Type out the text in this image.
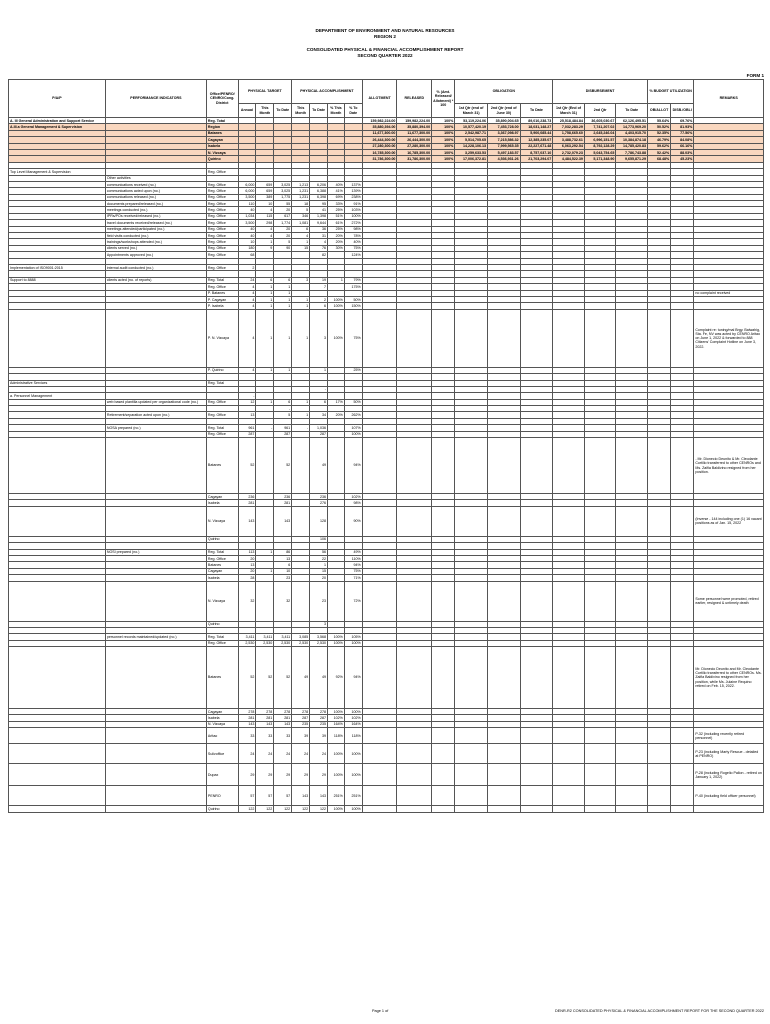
DEPARTMENT OF ENVIRONMENT AND NATURAL RESOURCES
REGION 2
CONSOLIDATED PHYSICAL & FINANCIAL ACCOMPLISHMENT REPORT
SECOND QUARTER 2022
FORM 1
P/A/P	PERFORMANCE INDICATORS	Office/PENRO/ CENRO/Cong. District	PHYSICAL TARGET			PHYSICAL ACCOMPLISHMENT				ALLOTMENT	RELEASED	% (Amt. Released/ Allotment) * 100	OBLIGATION			DISBURSEMENT			% BUDGET UTILIZATION		REMARKS

			Annual	This Month	To Date	This Month	To Date	% This Month	% To Date				1st Qtr (end of March 31)	2nd Qtr (end of June 30)	To Date	1st Qtr (End of March 31)	2nd Qtr	To Date	OB/ALLOT	DISB./OBLI	
A. III General Administration and Support Service		Reg. Total								159,982,224.00	159,982,224.00	100%	53,119,224.06	35,890,004.65	89,010,238.73	25,518,484.84	36,605,030.67	62,126,495.51	55.64%	69.76%	
A.III.a General Management & Supervision		Region								35,880,394.00	35,880,394.00	100%	10,577,420.19	7,453,728.00	18,031,148.27	7,032,283.29	7,741,207.02	14,773,969.20	50.52%	81.93%	
		Batanes								11,677,300.00	11,677,300.00	100%	2,542,987.71	3,367,098.97	5,900,085.44	1,758,665.60	2,645,246.04	4,403,915.70	52.35%	77.56%	
		Cagayan								26,444,300.00	26,444,300.00	100%	5,514,705.65	7,215,586.32	12,385,235.07	3,488,732.61	6,996,151.57	10,384,874.18	46.79%	84.08%	
		Isabela								27,280,300.00	27,280,300.00	100%	14,228,106.13	7,999,565.35	22,227,671.48	6,063,292.54	8,792,128.29	14,785,420.83	59.62%	66.16%	
		N. Vizcaya								16,785,300.00	16,785,300.00	100%	3,259,633.53	5,497,183.57	8,757,037.10	2,732,079.23	5,043,754.65	7,786,743.88	52.42%	88.03%	
		Quirino								31,786,300.00	31,786,300.00	100%	17,006,372.81	4,536,931.26	21,703,294.07	4,484,522.39	5,171,348.90	9,655,871.29	68.48%	45.23%	

Top Level Management & Supervision		Reg. Office																			
	Other activities																				
	communications received (no.)	Reg. Office	6,000	659	3,025	1,213	6,206	40%	137%												
	communications acted upon (no.)	Reg. Office	6,000	659	3,025	1,231	6,388	41%	139%												
	communications released (no.)	Reg. Office	3,500	389	1,775	1,231	6,398	69%	238%												
	documents prepared/released (no.)	Reg. Office	110	10	55	18	95	33%	91%												
	meetings conducted (no.)	Reg. Office	40	4	20	5	41	25%	103%												
	IPRs/POs received/released (no.)	Reg. Office	1,034	115	617	346	1,398	51%	100%												
	travel documents received/released (no.)	Reg. Office	3,500	298	1,774	1,081	9,644	61%	272%												
	meetings attended/participated (no.)	Reg. Office	40	4	20	6	36	25%	98%												
	field visits conducted (no.)	Reg. Office	40	4	20	4	31	20%	78%												
	trainings/workshops attended (no.)	Reg. Office	10	1	5	1	4	20%	40%												
	clients served (no.)	Reg. Office	180	9	90	15	76	30%	75%												
	Appointments approved (no.)	Reg. Office	68				82		124%												

Implementation of ISO9001:2015	internal audit conducted (no.)	Reg. Office	2																		

Support to 8888	clients acted (no. of reports)	Reg. Total	24	6	6	3	19	1	79%												
		Reg. Office	4	1	1		7		175%												
		P. Batanes	4	1	1																no complaint received
		P. Cagayan	4	1	1	1	2	100%	50%												
		P. Isabela	4	1	1	1	6	100%	150%												
		P. N. Vizcaya	4	1	1	1	3	100%	75%												Complaint re: tuning/mal Brgy. Balwahig, Sta. Fe, NV was acted by CENRO Aritao on June 1, 2022 & forwarded to 888 Citizens' Complaint Hotline on June 3, 2022.
		P. Quirino	4	1	1		1		25%												

Administrative Services		Reg. Total																			
							-														
a. Personnel Management			-																		
	web based plantilla updated per organizational code (no.)	Reg. Office	12	1	6	1	6	17%	50%												
					-																
	Retirement/separation acted upon (no.)	Reg. Office	13		5	1	34	20%	262%												

	NOSA prepared (no.)	Reg. Total	961	-	961	-	1,036		107%												
		Reg. Office	287		287		287		100%												
		Batanes	52		52		49		94%												- Mr. Dionecio Deunito & Mr. Cleodante Cortillo transferred to other CENROs and Ms. Zaifia Baldivino resigned from her position.
		Cagayan	236		236		236		102%												
		Isabela	281		281		276		98%												
		N. Vizcaya	143		143		128		90%												(Inverse - 144 including one (1) 16 vacant positions as of Jan. 15, 2022
		Quirino					106														

	NOSI prepared (no.)	Reg. Total	113	1	86		56		49%												
		Reg. Office	20		13		22		110%												
		Batanes	13		6		1		94%												
		Cagayan	20	1	10		15		75%												
		Isabela	28		23		20		71%												
		N. Vizcaya	32		32		23		72%												Some personnel were promoted, retired earlier, resigned & untimely death
		Quirino					3														

	personnel records maintained/updated (no.)	Reg. Total	3,411	3,411	3,411	3,085	3,568	100%	105%												
		Reg. Office	2,530	2,530	2,530	2,530	2,530	100%	100%												
		Batanes	52	52	52	49	49	92%	94%												Mr. Dionecio Deunito and Mr. Cleodante Cortillo transferred to other CENROs. Ms. Zaifia Baldivino resigned from her position, while Ms. Julaine Requino retired on Feb. 15, 2022.
		Cagayan	278	278	278	278	278	100%	100%												
		Isabela	281	281	281	287	287	102%	102%												
		N. Vizcaya	143	143	143	235	235	164%	164%												
		Aritao	33	33	33	39	39	118%	118%												P-32 (including recently retired personnel)
		Sulivoffice	24	24	24	24	24	100%	100%												P-23 (including Marty Rescue - detailed at PENRO)
		Dupax	29	29	29	29	29	100%	100%												P-28 (including Rogelio Pallon - retired on January 1, 2022)
		PENRO	57	57	57	143	143	251%	251%												P-40 (including field officer personnel)
		Quirino	122	122	122	122	122	100%	100%												
Page 1 of	DENR-R2 CONSOLIDATED PHYSICAL & FINANCIAL ACCOMPLISHMENT REPORT FOR THE SECOND QUARTER 2022
